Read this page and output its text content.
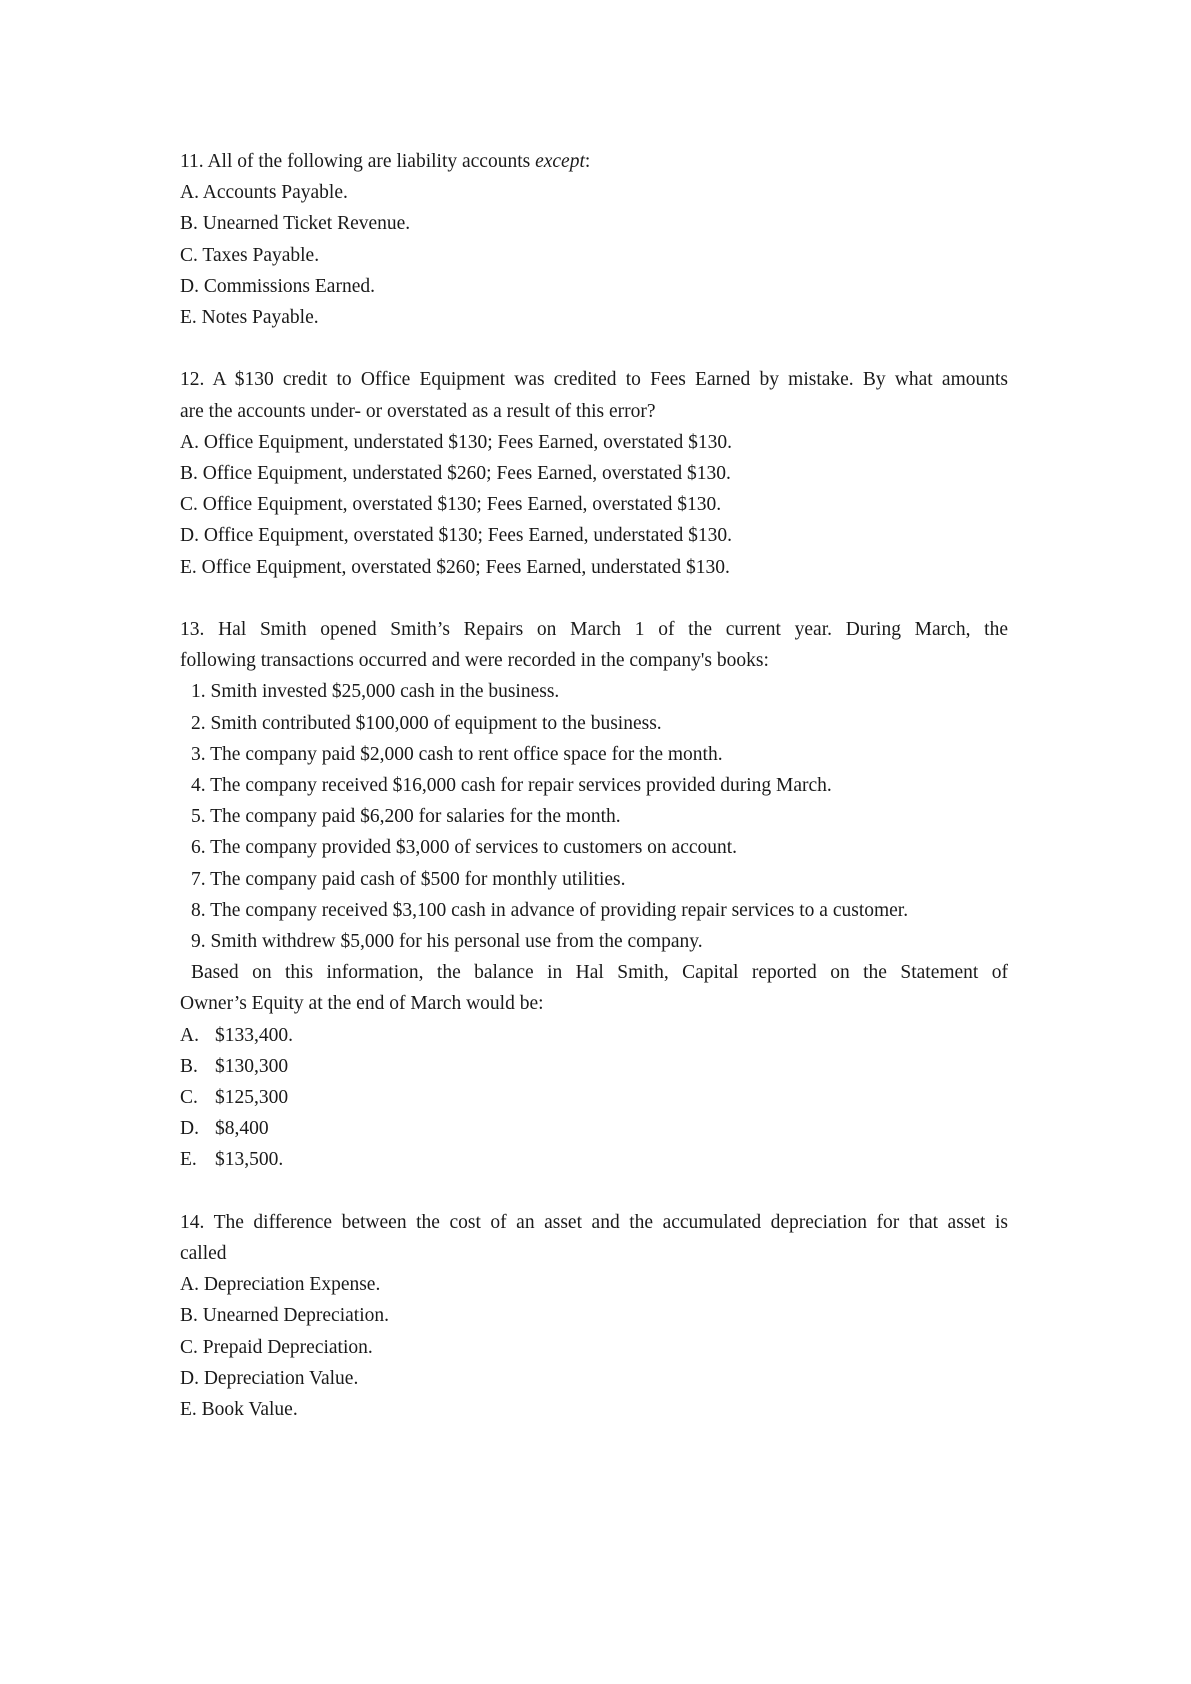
11. All of the following are liability accounts except:
A. Accounts Payable.
B. Unearned Ticket Revenue.
C. Taxes Payable.
D. Commissions Earned.
E. Notes Payable.
12. A $130 credit to Office Equipment was credited to Fees Earned by mistake. By what amounts
are the accounts under- or overstated as a result of this error?
A. Office Equipment, understated $130; Fees Earned, overstated $130.
B. Office Equipment, understated $260; Fees Earned, overstated $130.
C. Office Equipment, overstated $130; Fees Earned, overstated $130.
D. Office Equipment, overstated $130; Fees Earned, understated $130.
E. Office Equipment, overstated $260; Fees Earned, understated $130.
13. Hal Smith opened Smith’s Repairs on March 1 of the current year. During March, the
following transactions occurred and were recorded in the company's books:
1. Smith invested $25,000 cash in the business.
2. Smith contributed $100,000 of equipment to the business.
3. The company paid $2,000 cash to rent office space for the month.
4. The company received $16,000 cash for repair services provided during March.
5. The company paid $6,200 for salaries for the month.
6. The company provided $3,000 of services to customers on account.
7. The company paid cash of $500 for monthly utilities.
8. The company received $3,100 cash in advance of providing repair services to a customer.
9. Smith withdrew $5,000 for his personal use from the company.
Based on this information, the balance in Hal Smith, Capital reported on the Statement of
Owner’s Equity at the end of March would be:
A. $133,400.
B. $130,300
C. $125,300
D. $8,400
E. $13,500.
14. The difference between the cost of an asset and the accumulated depreciation for that asset is
called
A. Depreciation Expense.
B. Unearned Depreciation.
C. Prepaid Depreciation.
D. Depreciation Value.
E. Book Value.
